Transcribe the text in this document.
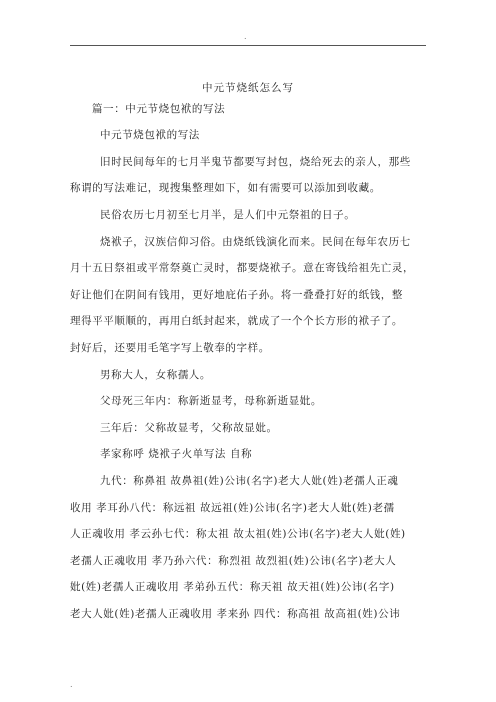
.
中元节烧纸怎么写
篇一：中元节烧包袱的写法
中元节烧包袱的写法
旧时民间每年的七月半鬼节都要写封包，烧给死去的亲人，那些
称谓的写法难记，现搜集整理如下，如有需要可以添加到收藏。
民俗农历七月初至七月半，是人们中元祭祖的日子。
烧袱子，汉族信仰习俗。由烧纸钱演化而来。民间在每年农历七
月十五日祭祖或平常祭奠亡灵时，都要烧袱子。意在寄钱给祖先亡灵，
好让他们在阴间有钱用，更好地庇佑子孙。将一叠叠打好的纸钱，整
理得平平顺顺的，再用白纸封起来，就成了一个个长方形的袱子了。
封好后，还要用毛笔字写上敬奉的字样。
男称大人，女称孺人。
父母死三年内：称新逝显考，母称新逝显妣。
三年后：父称故显考，父称故显妣。
孝家称呼 烧袱子火单写法 自称
九代：称鼻祖 故鼻祖(姓)公讳(名字)老大人妣(姓)老孺人正魂
收用 孝耳孙八代：称远祖 故远祖(姓)公讳(名字)老大人妣(姓)老孺
人正魂收用 孝云孙七代：称太祖 故太祖(姓)公讳(名字)老大人妣(姓)
老孺人正魂收用 孝乃孙六代：称烈祖 故烈祖(姓)公讳(名字)老大人
妣(姓)老孺人正魂收用 孝弟孙五代：称天祖 故天祖(姓)公讳(名字)
老大人妣(姓)老孺人正魂收用 孝来孙 四代：称高祖 故高祖(姓)公讳
.
